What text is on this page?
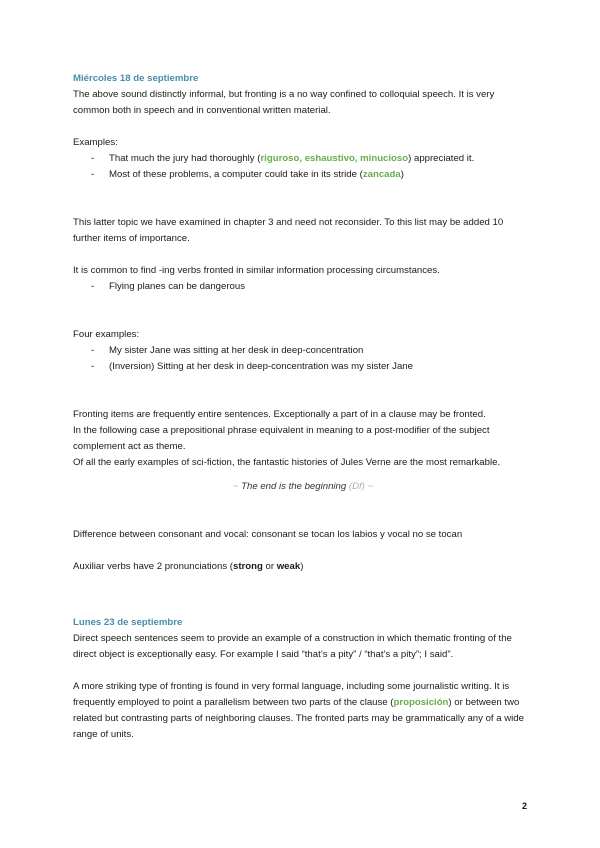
Miércoles 18 de septiembre

The above sound distinctly informal, but fronting is a no way confined to colloquial speech. It is very common both in speech and in conventional written material.

Examples:

- That much the jury had thoroughly (riguroso, eshaustivo, minucioso) appreciated it.
- Most of these problems, a computer could take in its stride (zancada)

This latter topic we have examined in chapter 3 and need not reconsider. To this list may be added 10 further items of importance.

It is common to find -ing verbs fronted in similar information processing circumstances.

- Flying planes can be dangerous

Four examples:

- My sister Jane was sitting at her desk in deep-concentration
- (Inversion) Sitting at her desk in deep-concentration was my sister Jane

Fronting items are frequently entire sentences. Exceptionally a part of in a clause may be fronted.

In the following case a prepositional phrase equivalent in meaning to a post-modifier of the subject complement act as theme.

Of all the early examples of sci-fiction, the fantastic histories of Jules Verne are the most remarkable.

~ The end is the beginning (Df) ~

Difference between consonant and vocal: consonant se tocan los labios y vocal no se tocan

Auxiliar verbs have 2 pronunciations (strong or weak)

Lunes 23 de septiembre

Direct speech sentences seem to provide an example of a construction in which thematic fronting of the direct object is exceptionally easy. For example I said “that’s a pity” / “that’s a pity”; I said”.

A more striking type of fronting is found in very formal language, including some journalistic writing. It is frequently employed to point a parallelism between two parts of the clause (proposición) or between two related but contrasting parts of neighboring clauses. The fronted parts may be grammatically any of a wide range of units.

2
